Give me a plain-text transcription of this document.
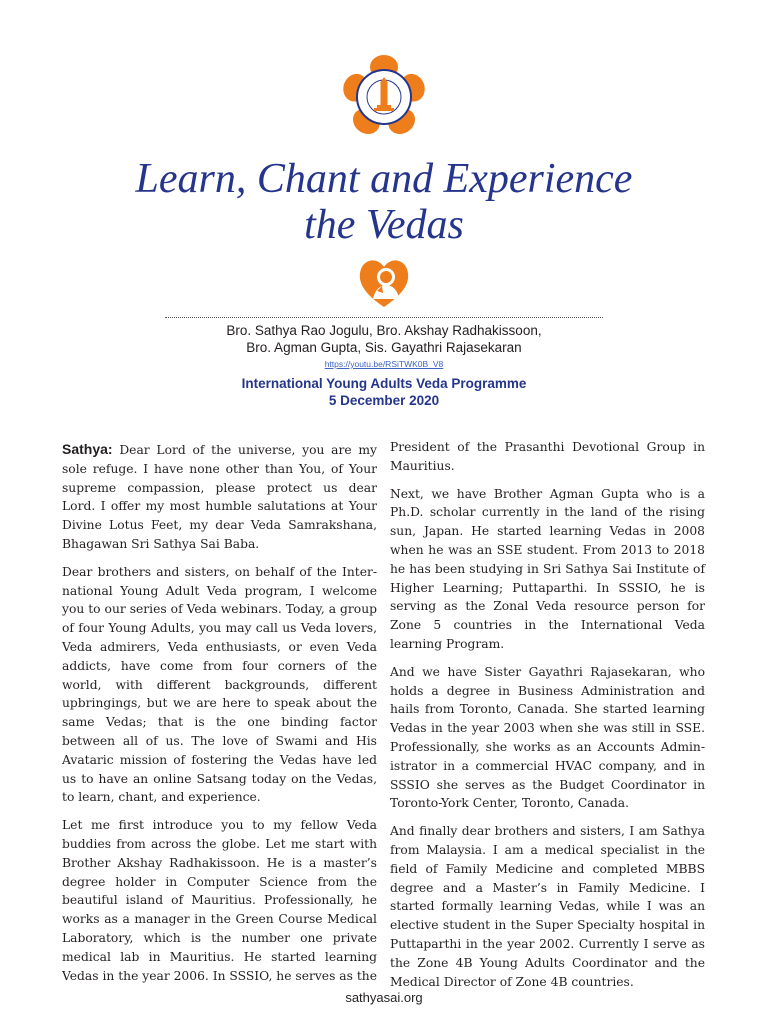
Learn, Chant and Experience
the Vedas
Bro. Sathya Rao Jogulu, Bro. Akshay Radhakissoon,
Bro. Agman Gupta, Sis. Gayathri Rajasekaran
https://youtu.be/RSiTWK0B_V8
International Young Adults Veda Programme
5 December 2020

Sathya: Dear Lord of the universe, you are my sole refuge. I have none other than You, of Your supreme compassion, please protect us dear Lord. I offer my most humble salutations at Your Divine Lotus Feet, my dear Veda Samrakshana, Bhagawan Sri Sathya Sai Baba.

Dear brothers and sisters, on behalf of the International Young Adult Veda program, I welcome you to our series of Veda webinars. Today, a group of four Young Adults, you may call us Veda lovers, Veda admirers, Veda enthusiasts, or even Veda addicts, have come from four corners of the world, with different backgrounds, different upbringings, but we are here to speak about the same Vedas; that is the one binding factor between all of us. The love of Swami and His Avataric mission of fostering the Vedas have led us to have an online Satsang today on the Vedas, to learn, chant, and experience.

Let me first introduce you to my fellow Veda buddies from across the globe. Let me start with Brother Akshay Radhakissoon. He is a master’s degree holder in Computer Science from the beautiful island of Mauritius. Professionally, he works as a manager in the Green Course Medical Laboratory, which is the number one private medical lab in Mauritius. He started learning Vedas in the year 2006. In SSSIO, he serves as the

President of the Prasanthi Devotional Group in Mauritius.

Next, we have Brother Agman Gupta who is a Ph.D. scholar currently in the land of the rising sun, Japan. He started learning Vedas in 2008 when he was an SSE student. From 2013 to 2018 he has been studying in Sri Sathya Sai Institute of Higher Learning; Puttaparthi. In SSSIO, he is serving as the Zonal Veda resource person for Zone 5 countries in the International Veda learning Program.

And we have Sister Gayathri Rajasekaran, who holds a degree in Business Administration and hails from Toronto, Canada. She started learning Vedas in the year 2003 when she was still in SSE. Professionally, she works as an Accounts Administrator in a commercial HVAC company, and in SSSIO she serves as the Budget Coordinator in Toronto-York Center, Toronto, Canada.

And finally dear brothers and sisters, I am Sathya from Malaysia. I am a medical specialist in the field of Family Medicine and completed MBBS degree and a Master’s in Family Medicine. I started formally learning Vedas, while I was an elective student in the Super Specialty hospital in Puttaparthi in the year 2002. Currently I serve as the Zone 4B Young Adults Coordinator and the Medical Director of Zone 4B countries.

sathyasai.org
